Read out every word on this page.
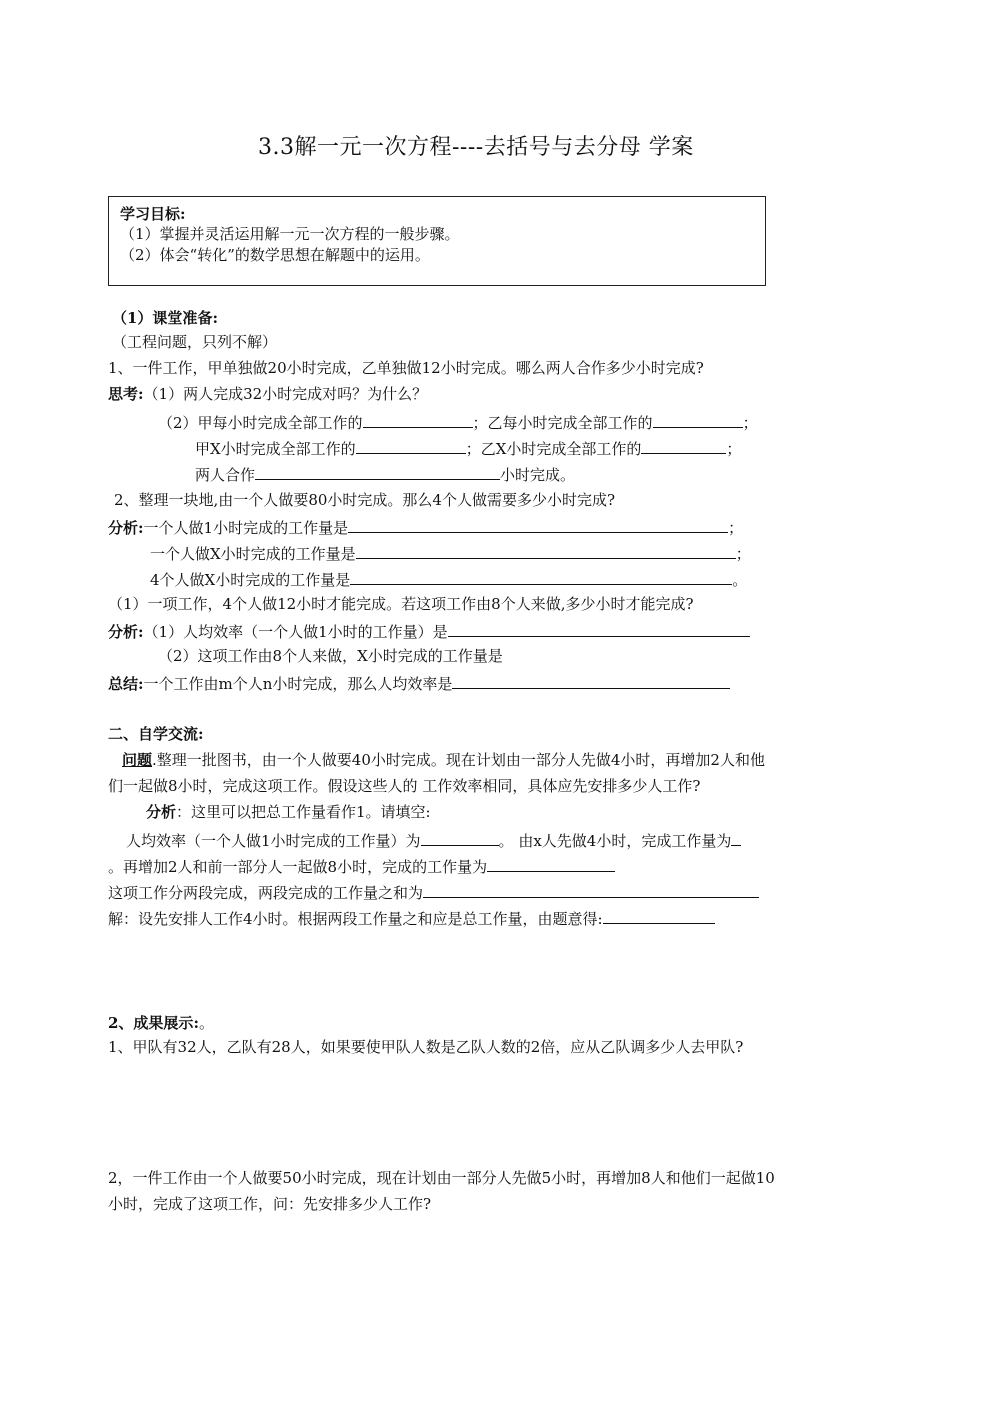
3.3解一元一次方程----去括号与去分母 学案
学习目标:
（1）掌握并灵活运用解一元一次方程的一般步骤。
（2）体会“转化”的数学思想在解题中的运用。
（1）课堂准备:
（工程问题，只列不解）
1、一件工作，甲单独做20小时完成，乙单独做12小时完成。哪么两人合作多少小时完成?
思考:（1）两人完成32小时完成对吗？为什么？
（2）甲每小时完成全部工作的	；乙每小时完成全部工作的	；
甲X小时完成全部工作的	；乙X小时完成全部工作的	；
两人合作	小时完成。
2、整理一块地,由一个人做要80小时完成。那么4个人做需要多少小时完成?
分析:一个人做1小时完成的工作量是	；
一个人做X小时完成的工作量是	；
4个人做X小时完成的工作量是	。
（1）一项工作，4个人做12小时才能完成。若这项工作由8个人来做,多少小时才能完成?
分析:（1）人均效率（一个人做1小时的工作量）是
（2）这项工作由8个人来做，X小时完成的工作量是
总结:一个工作由m个人n小时完成，那么人均效率是
二、自学交流:
问题.整理一批图书，由一个人做要40小时完成。现在计划由一部分人先做4小时，再增加2人和他
们一起做8小时，完成这项工作。假设这些人的 工作效率相同，具体应先安排多少人工作?
分析：这里可以把总工作量看作1。请填空:
人均效率（一个人做1小时完成的工作量）为	。 由x人先做4小时，完成工作量为
。再增加2人和前一部分人一起做8小时，完成的工作量为
这项工作分两段完成，两段完成的工作量之和为
解：设先安排人工作4小时。根据两段工作量之和应是总工作量，由题意得:
2、成果展示:。
1、甲队有32人，乙队有28人，如果要使甲队人数是乙队人数的2倍，应从乙队调多少人去甲队?
2，一件工作由一个人做要50小时完成，现在计划由一部分人先做5小时，再增加8人和他们一起做10
小时，完成了这项工作，问：先安排多少人工作?
